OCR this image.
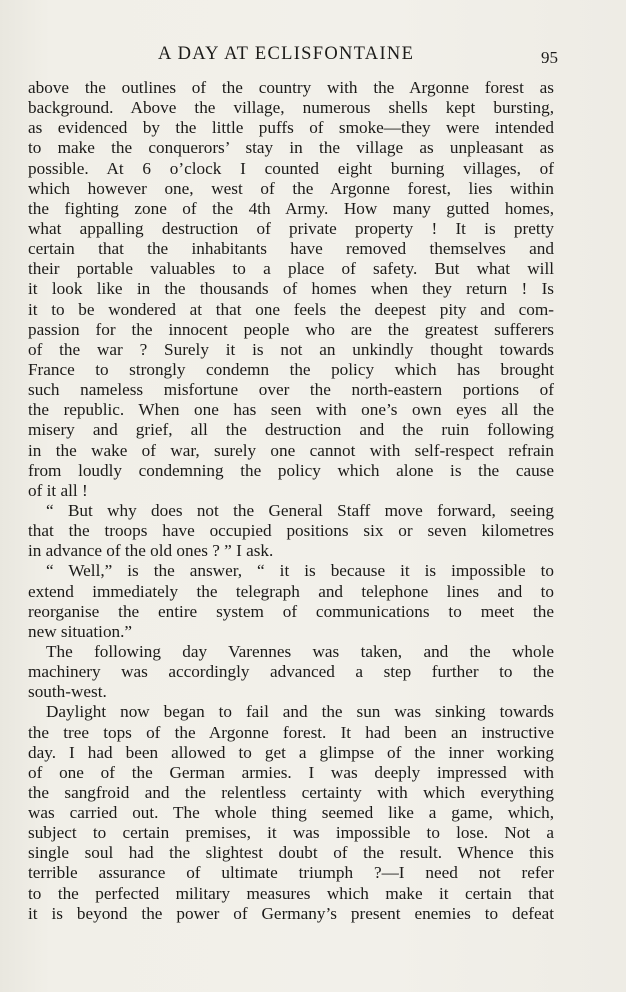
A DAY AT ECLISFONTAINE	95
above the outlines of the country with the Argonne forest as
background. Above the village, numerous shells kept bursting,
as evidenced by the little puffs of smoke—they were intended
to make the conquerors’ stay in the village as unpleasant as
possible. At 6 o’clock I counted eight burning villages, of
which however one, west of the Argonne forest, lies within
the fighting zone of the 4th Army. How many gutted homes,
what appalling destruction of private property ! It is pretty
certain that the inhabitants have removed themselves and
their portable valuables to a place of safety. But what will
it look like in the thousands of homes when they return ! Is
it to be wondered at that one feels the deepest pity and com-
passion for the innocent people who are the greatest sufferers
of the war ? Surely it is not an unkindly thought towards
France to strongly condemn the policy which has brought
such nameless misfortune over the north-eastern portions of
the republic. When one has seen with one’s own eyes all the
misery and grief, all the destruction and the ruin following
in the wake of war, surely one cannot with self-respect refrain
from loudly condemning the policy which alone is the cause
of it all !
“ But why does not the General Staff move forward, seeing
that the troops have occupied positions six or seven kilometres
in advance of the old ones ? ” I ask.
“ Well,” is the answer, “ it is because it is impossible to
extend immediately the telegraph and telephone lines and to
reorganise the entire system of communications to meet the
new situation.”
The following day Varennes was taken, and the whole
machinery was accordingly advanced a step further to the
south-west.
Daylight now began to fail and the sun was sinking towards
the tree tops of the Argonne forest. It had been an instructive
day. I had been allowed to get a glimpse of the inner working
of one of the German armies. I was deeply impressed with
the sangfroid and the relentless certainty with which everything
was carried out. The whole thing seemed like a game, which,
subject to certain premises, it was impossible to lose. Not a
single soul had the slightest doubt of the result. Whence this
terrible assurance of ultimate triumph ?—I need not refer
to the perfected military measures which make it certain that
it is beyond the power of Germany’s present enemies to defeat
